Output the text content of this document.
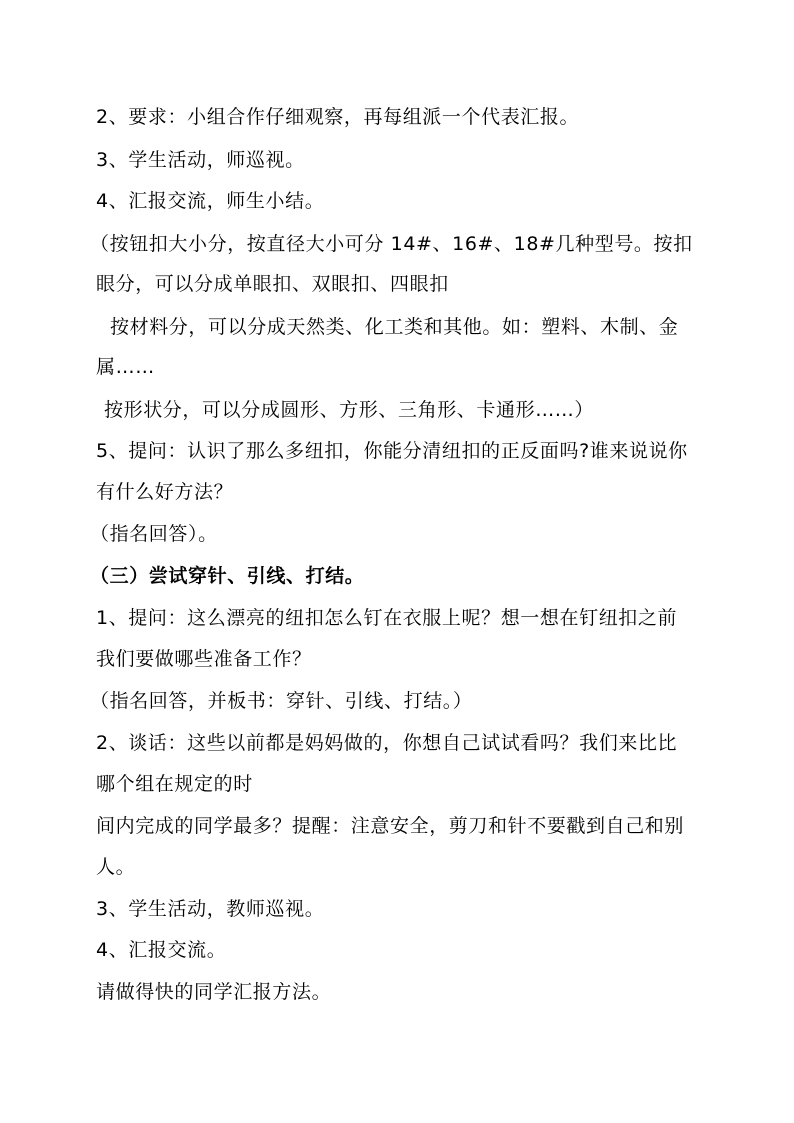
2、要求：小组合作仔细观察，再每组派一个代表汇报。
3、学生活动，师巡视。
4、汇报交流，师生小结。
（按钮扣大小分，按直径大小可分 14#、16#、18#几种型号。按扣
眼分，可以分成单眼扣、双眼扣、四眼扣
按材料分，可以分成天然类、化工类和其他。如：塑料、木制、金
属……
按形状分，可以分成圆形、方形、三角形、卡通形……）
5、提问：认识了那么多纽扣，你能分清纽扣的正反面吗?谁来说说你
有什么好方法？
（指名回答）。
（三）尝试穿针、引线、打结。
1、提问：这么漂亮的纽扣怎么钉在衣服上呢？想一想在钉纽扣之前
我们要做哪些准备工作？
（指名回答，并板书：穿针、引线、打结。）
2、谈话：这些以前都是妈妈做的，你想自己试试看吗？我们来比比
哪个组在规定的时
间内完成的同学最多？提醒：注意安全，剪刀和针不要戳到自己和别
人。
3、学生活动，教师巡视。
4、汇报交流。
请做得快的同学汇报方法。
